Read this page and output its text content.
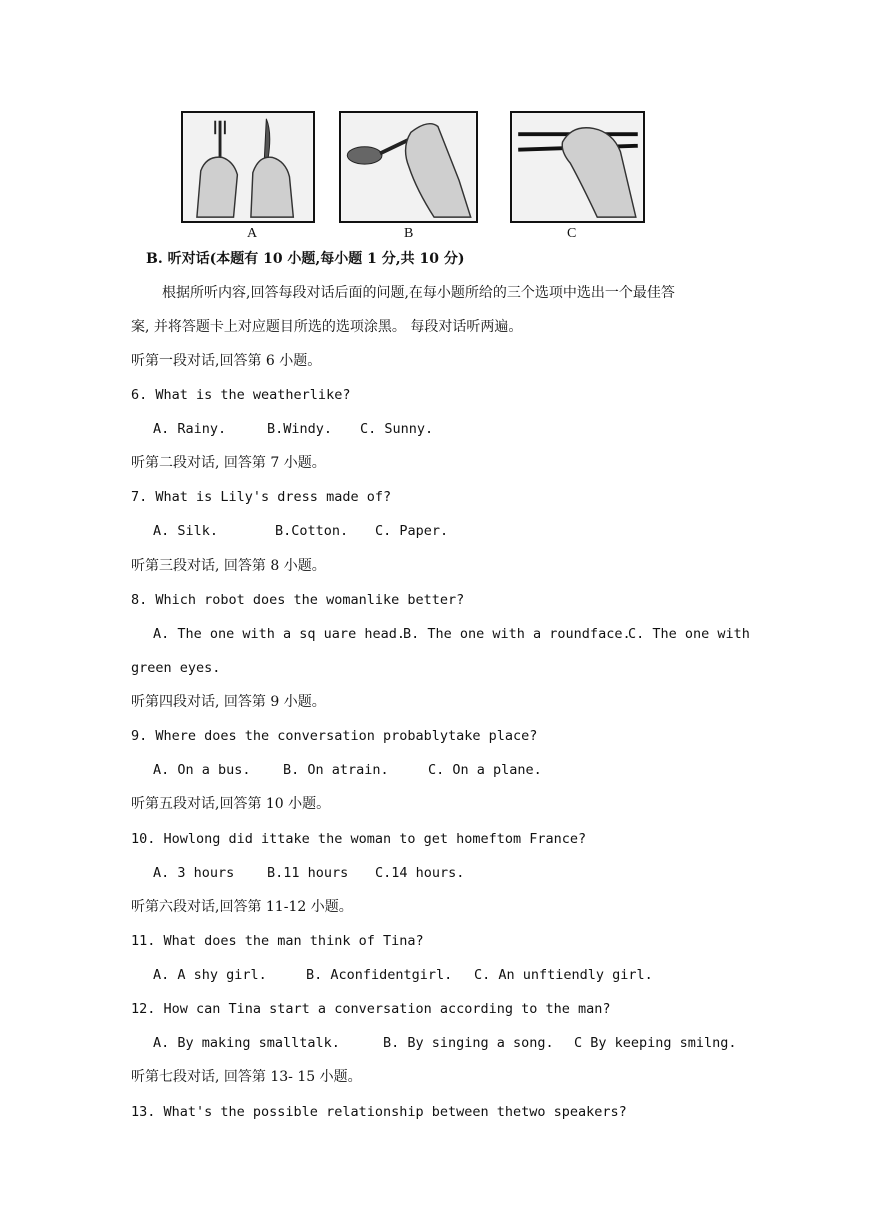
A	B	C
B. 听对话(本题有 10 小题,每小题 1 分,共 10 分)
根据所听内容,回答每段对话后面的问题,在每小题所给的三个选项中选出一个最佳答
案, 并将答题卡上对应题目所选的选项涂黑。 每段对话听两遍。
听第一段对话,回答第 6 小题。
6. What is the weatherlike?
A. Rainy.	B.Windy. C. Sunny.
听第二段对话, 回答第 7 小题。
7. What is Lily's dress made of?
A. Silk.	B.Cotton. C. Paper.
听第三段对话, 回答第 8 小题。
8. Which robot does the womanlike better?
A. The one with a sq uare head.
B. The one with a roundface.
C. The one with
green eyes.
听第四段对话, 回答第 9 小题。
9. Where does the conversation probablytake place?
A. On a bus. B. On atrain.	C. On a plane.
听第五段对话,回答第 10 小题。
10. Howlong did ittake the woman to get homeftom France?
A. 3 hours B.11 hours C.14 hours.
听第六段对话,回答第 11-12 小题。
11. What does the man think of Tina?
A. A shy girl.	B. Aconfidentgirl. C. An unftiendly girl.
12. How can Tina start a conversation according to the man?
A. By making smalltalk.	B. By singing a song. C By keeping smilng.
听第七段对话, 回答第 13- 15 小题。
13. What's the possible relationship between thetwo speakers?
